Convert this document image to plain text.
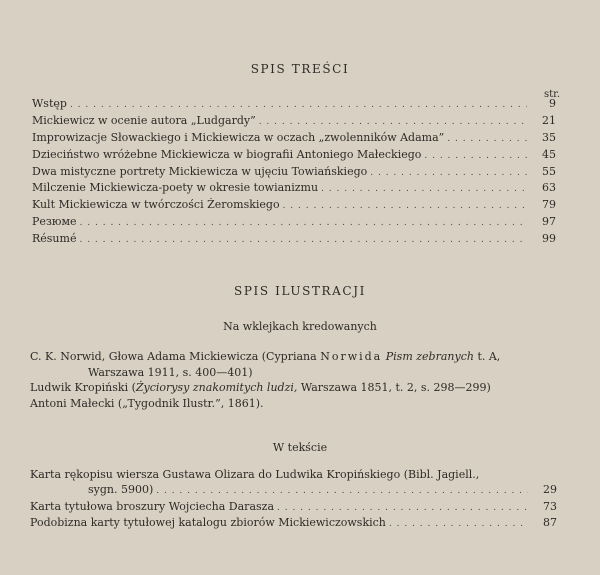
SPIS TREŚCI
str.
Wstęp . . .	9
Mickiewicz w ocenie autora „Ludgardy” . . .	21
Improwizacje Słowackiego i Mickiewicza w oczach „zwolenników Adama” . . .	35
Dzieciństwo wróżebne Mickiewicza w biografii Antoniego Małeckiego . . .	45
Dwa mistyczne portrety Mickiewicza w ujęciu Towiańskiego . . .	55
Milczenie Mickiewicza-poety w okresie towianizmu . . .	63
Kult Mickiewicza w twórczości Żeromskiego . . .	79
Резюме . . .	97
Résumé . . .	99
SPIS ILUSTRACJI
Na wklejkach kredowanych
C. K. Norwid, Głowa Adama Mickiewicza (Cypriana Norwida Pism zebranych t. A,
Warszawa 1911, s. 400—401)
Ludwik Kropiński (Życiorysy znakomitych ludzi, Warszawa 1851, t. 2, s. 298—299)
Antoni Małecki („Tygodnik Ilustr.”, 1861).
W tekście
Karta rękopisu wiersza Gustawa Olizara do Ludwika Kropińskiego (Bibl. Jagiell.,
sygn. 5900) . . .	29
Karta tytułowa broszury Wojciecha Darasza . . .	73
Podobizna karty tytułowej katalogu zbiorów Mickiewiczowskich . . .	87
